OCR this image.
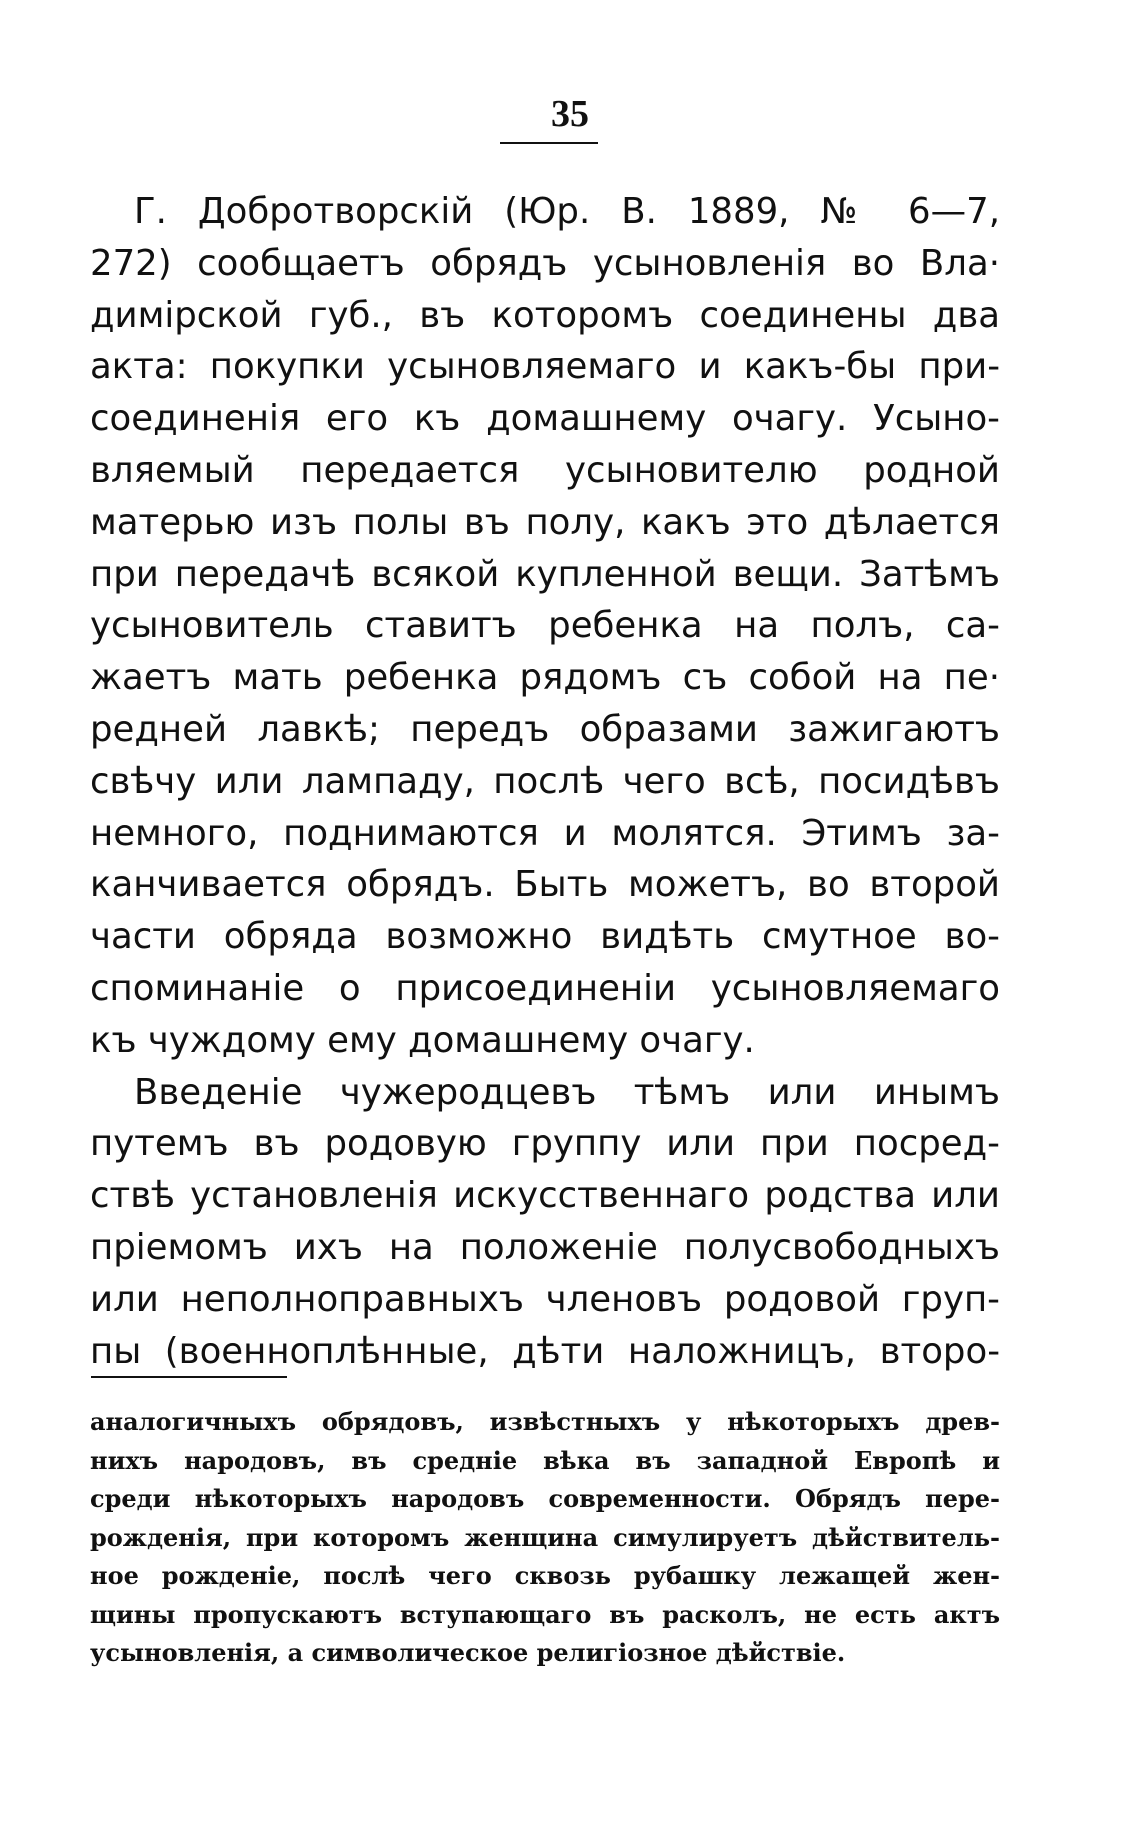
35
Г. Добротворскій (Юр. В. 1889, № 6—7,
272) сообщаетъ обрядъ усыновленія во Вла·
димірской губ., въ которомъ соединены два
акта: покупки усыновляемаго и какъ-бы при-
соединенія его къ домашнему очагу. Усыно-
вляемый передается усыновителю родной
матерью изъ полы въ полу, какъ это дѣлается
при передачѣ всякой купленной вещи. Затѣмъ
усыновитель ставитъ ребенка на полъ, са-
жаетъ мать ребенка рядомъ съ собой на пе·
редней лавкѣ; передъ образами зажигаютъ
свѣчу или лампаду, послѣ чего всѣ, посидѣвъ
немного, поднимаются и молятся. Этимъ за-
канчивается обрядъ. Быть можетъ, во второй
части обряда возможно видѣть смутное во-
споминаніе о присоединеніи усыновляемаго
къ чуждому ему домашнему очагу.
Введеніе чужеродцевъ тѣмъ или инымъ
путемъ въ родовую группу или при посред-
ствѣ установленія искусственнаго родства или
пріемомъ ихъ на положеніе полусвободныхъ
или неполноправныхъ членовъ родовой груп-
пы (военноплѣнные, дѣти наложницъ, второ-
аналогичныхъ обрядовъ, извѣстныхъ у нѣкоторыхъ древ-
нихъ народовъ, въ средніе вѣка въ западной Европѣ и
среди нѣкоторыхъ народовъ современности. Обрядъ пере-
рожденія, при которомъ женщина симулируетъ дѣйствитель-
ное рожденіе, послѣ чего сквозь рубашку лежащей жен-
щины пропускаютъ вступающаго въ расколъ, не есть актъ
усыновленія, а символическое религіозное дѣйствіе.
